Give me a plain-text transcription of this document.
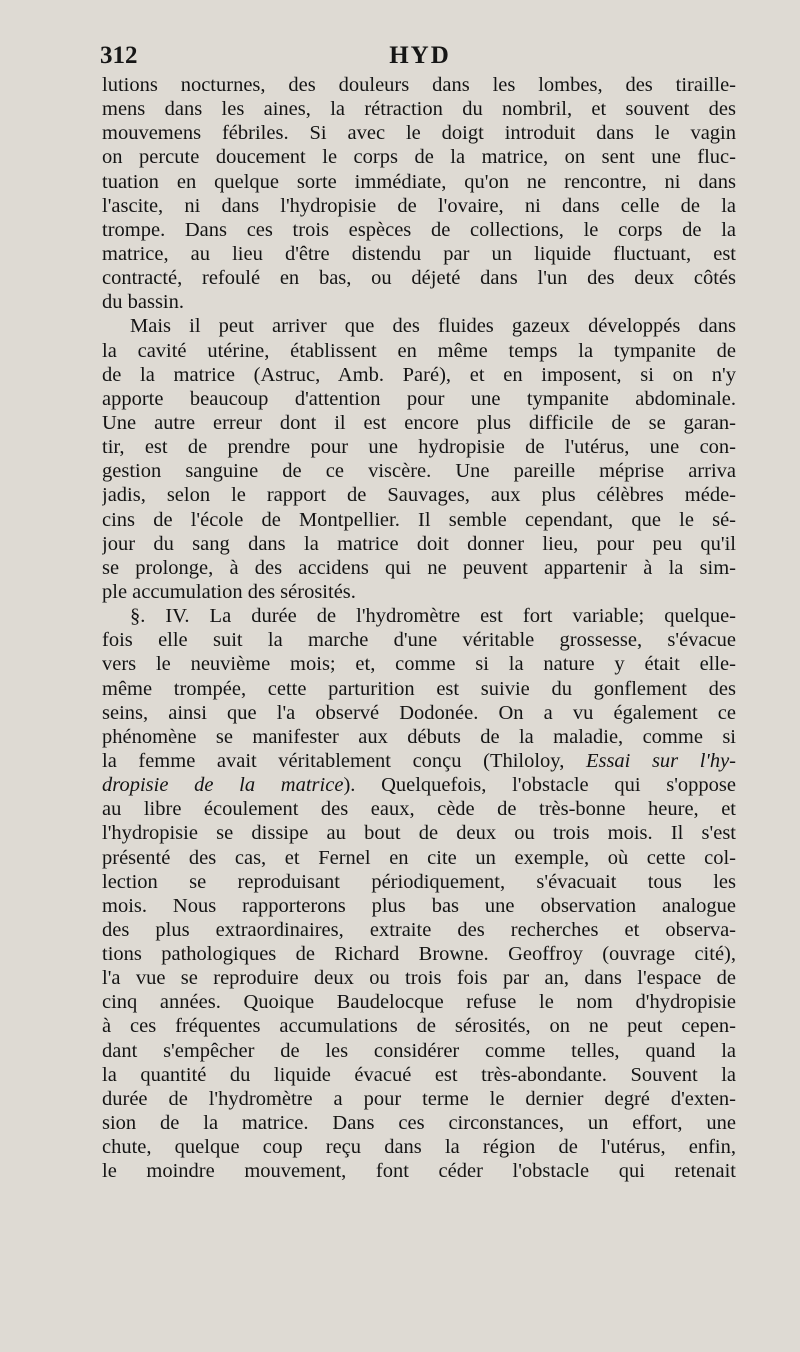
312	HYD
lutions nocturnes, des douleurs dans les lombes, des tiraille-
mens dans les aines, la rétraction du nombril, et souvent des
mouvemens fébriles. Si avec le doigt introduit dans le vagin
on percute doucement le corps de la matrice, on sent une fluc-
tuation en quelque sorte immédiate, qu'on ne rencontre, ni dans
l'ascite, ni dans l'hydropisie de l'ovaire, ni dans celle de la
trompe. Dans ces trois espèces de collections, le corps de la
matrice, au lieu d'être distendu par un liquide fluctuant, est
contracté, refoulé en bas, ou déjeté dans l'un des deux côtés
du bassin.
Mais il peut arriver que des fluides gazeux développés dans
la cavité utérine, établissent en même temps la tympanite de
de la matrice (Astruc, Amb. Paré), et en imposent, si on n'y
apporte beaucoup d'attention pour une tympanite abdominale.
Une autre erreur dont il est encore plus difficile de se garan-
tir, est de prendre pour une hydropisie de l'utérus, une con-
gestion sanguine de ce viscère. Une pareille méprise arriva
jadis, selon le rapport de Sauvages, aux plus célèbres méde-
cins de l'école de Montpellier. Il semble cependant, que le sé-
jour du sang dans la matrice doit donner lieu, pour peu qu'il
se prolonge, à des accidens qui ne peuvent appartenir à la sim-
ple accumulation des sérosités.
§. IV. La durée de l'hydromètre est fort variable; quelque-
fois elle suit la marche d'une véritable grossesse, s'évacue
vers le neuvième mois; et, comme si la nature y était elle-
même trompée, cette parturition est suivie du gonflement des
seins, ainsi que l'a observé Dodonée. On a vu également ce
phénomène se manifester aux débuts de la maladie, comme si
la femme avait véritablement conçu (Thiloloy, Essai sur l'hy-
dropisie de la matrice). Quelquefois, l'obstacle qui s'oppose
au libre écoulement des eaux, cède de très-bonne heure, et
l'hydropisie se dissipe au bout de deux ou trois mois. Il s'est
présenté des cas, et Fernel en cite un exemple, où cette col-
lection se reproduisant périodiquement, s'évacuait tous les
mois. Nous rapporterons plus bas une observation analogue
des plus extraordinaires, extraite des recherches et observa-
tions pathologiques de Richard Browne. Geoffroy (ouvrage cité),
l'a vue se reproduire deux ou trois fois par an, dans l'espace de
cinq années. Quoique Baudelocque refuse le nom d'hydropisie
à ces fréquentes accumulations de sérosités, on ne peut cepen-
dant s'empêcher de les considérer comme telles, quand la
la quantité du liquide évacué est très-abondante. Souvent la
durée de l'hydromètre a pour terme le dernier degré d'exten-
sion de la matrice. Dans ces circonstances, un effort, une
chute, quelque coup reçu dans la région de l'utérus, enfin,
le moindre mouvement, font céder l'obstacle qui retenait
